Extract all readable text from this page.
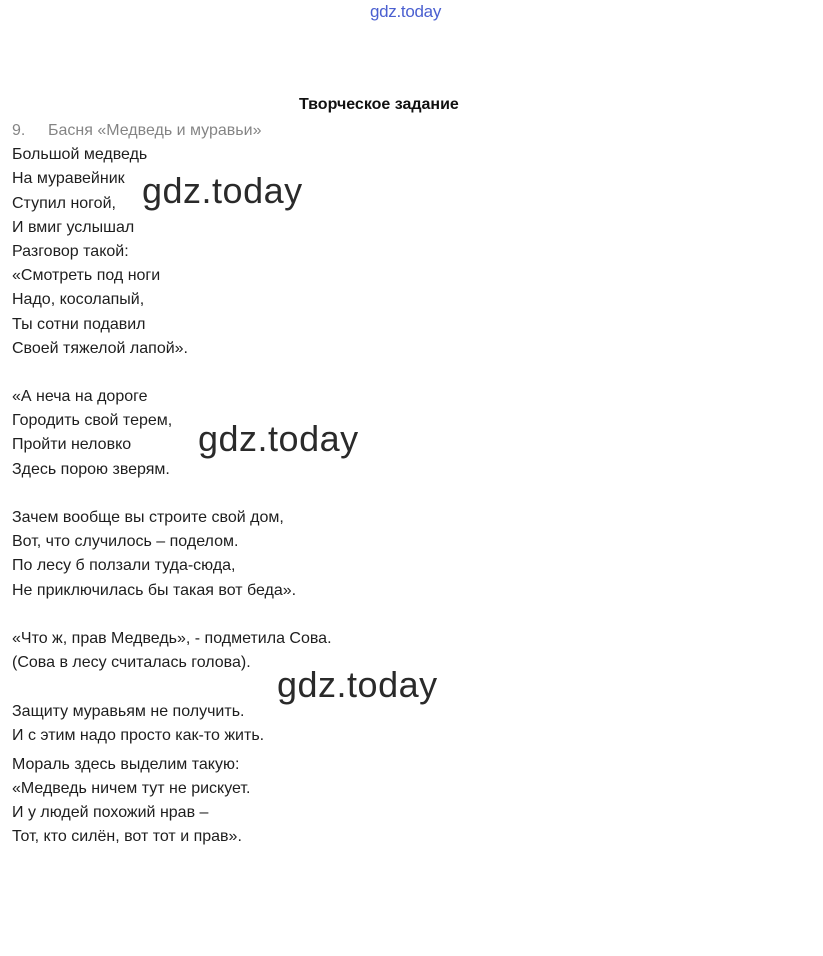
gdz.today
Творческое задание
9. Басня «Медведь и муравьи»
Большой медведь
На муравейник
Ступил ногой,
И вмиг услышал
Разговор такой:
«Смотреть под ноги
Надо, косолапый,
Ты сотни подавил
Своей тяжелой лапой».
«А неча на дороге
Городить свой терем,
Пройти неловко
Здесь порою зверям.
Зачем вообще вы строите свой дом,
Вот, что случилось – поделом.
По лесу б ползали туда-сюда,
Не приключилась бы такая вот беда».
«Что ж, прав Медведь», - подметила Сова.
(Сова в лесу считалась голова).
Защиту муравьям не получить.
И с этим надо просто как-то жить.
Мораль здесь выделим такую:
«Медведь ничем тут не рискует.
И у людей похожий нрав –
Тот, кто силён, вот тот и прав».
gdz.today
gdz.today
gdz.today
